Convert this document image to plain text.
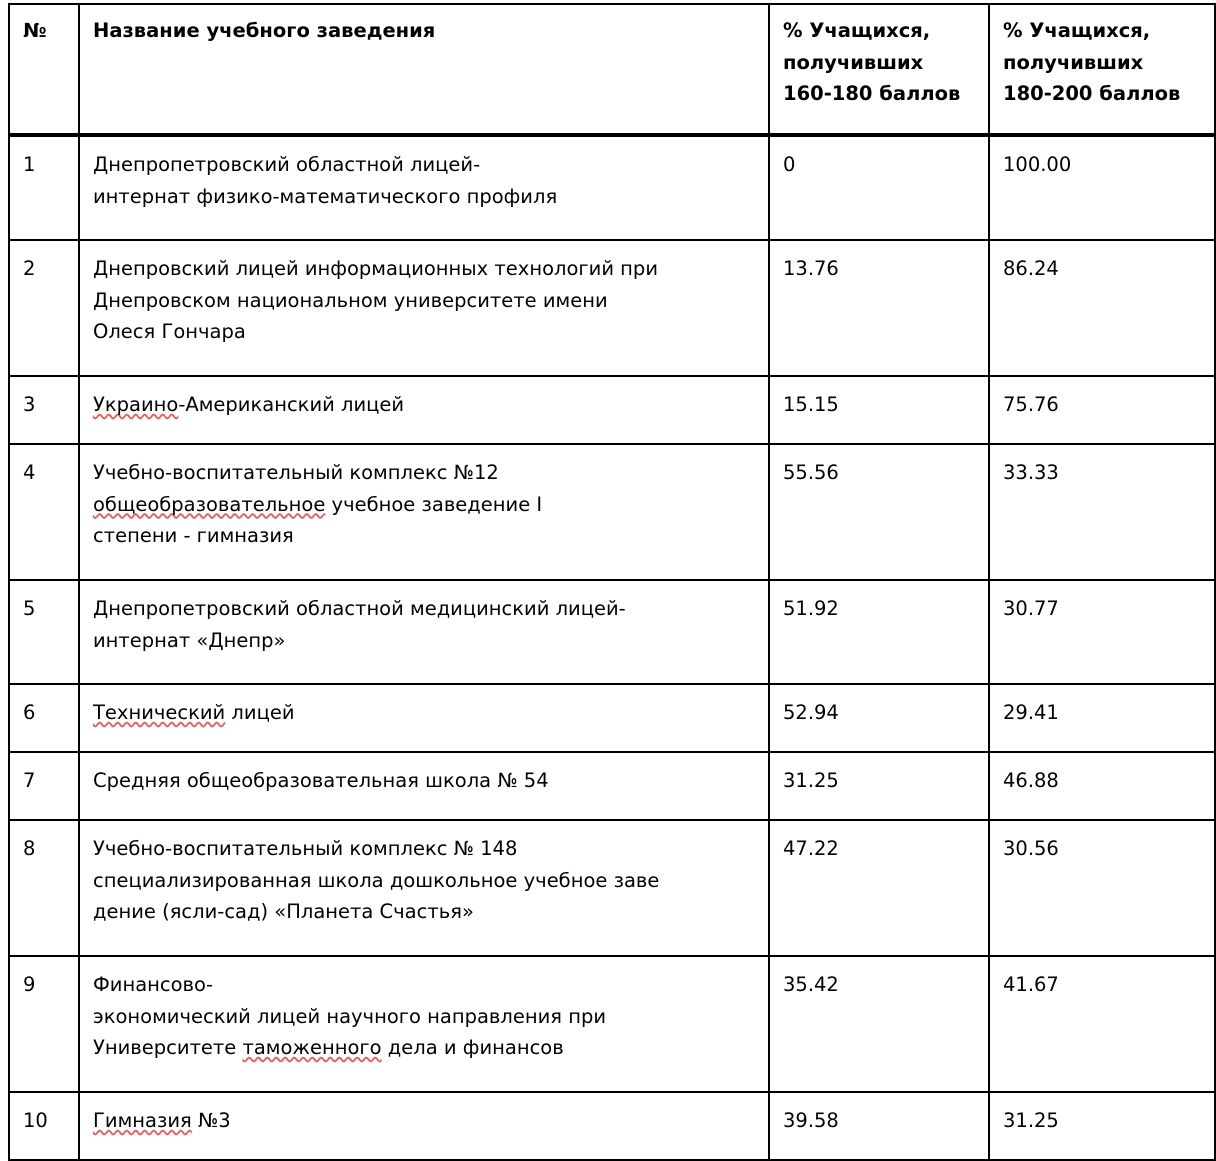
№	Название учебного заведения	% Учащихся,
получивших
160-180 баллов	% Учащихся,
получивших
180-200 баллов

1	Днепропетровский областной лицей-
интернат физико-математического профиля	0	100.00
2	Днепровский лицей информационных технологий при
Днепровском национальном университете имени
Олеся Гончара	13.76	86.24
3	Украино-Американский лицей	15.15	75.76
4	Учебно-воспитательный комплекс №12
общеобразовательное учебное заведение I
степени - гимназия	55.56	33.33
5	Днепропетровский областной медицинский лицей-
интернат «Днепр»	51.92	30.77
6	Технический лицей	52.94	29.41
7	Средняя общеобразовательная школа № 54	31.25	46.88
8	Учебно-воспитательный комплекс № 148
специализированная школа дошкольное учебное заве
дение (ясли-сад) «Планета Счастья»	47.22	30.56
9	Финансово-
экономический лицей научного направления при
Университете таможенного дела и финансов	35.42	41.67
10	Гимназия №3	39.58	31.25
